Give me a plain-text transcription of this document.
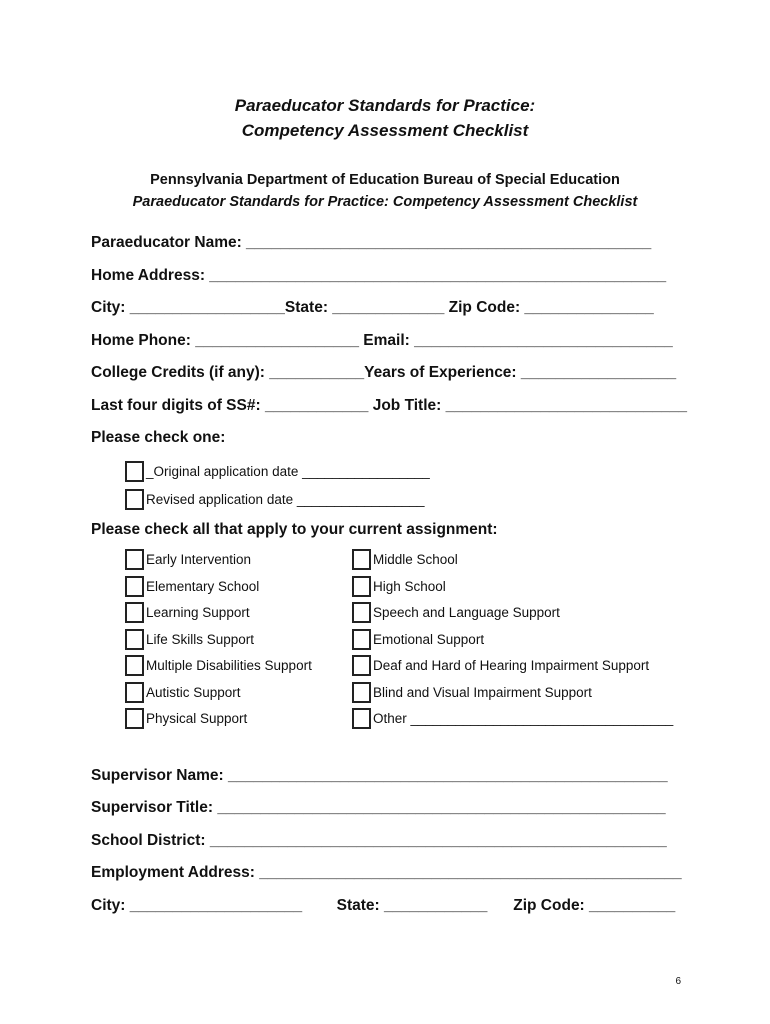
Paraeducator Standards for Practice:
Competency Assessment Checklist
Pennsylvania Department of Education Bureau of Special Education
Paraeducator Standards for Practice: Competency Assessment Checklist
Paraeducator Name: _______________________________________________
Home Address: _____________________________________________________
City: __________________State: _____________ Zip Code: _______________
Home Phone: ___________________ Email: ______________________________
College Credits (if any): ___________Years of Experience: __________________
Last four digits of SS#: ____________ Job Title: ____________________________
Please check one:
_Original application date _________________
Revised application date _________________
Please check all that apply to your current assignment:
Early Intervention
Elementary School
Learning Support
Life Skills Support
Multiple Disabilities Support
Autistic Support
Physical Support
Middle School
High School
Speech and Language Support
Emotional Support
Deaf and Hard of Hearing Impairment Support
Blind and Visual Impairment Support
Other ___________________________________
Supervisor Name: ___________________________________________________
Supervisor Title: ____________________________________________________
School District: _____________________________________________________
Employment Address: _________________________________________________
City: ____________________        State: ____________      Zip Code: __________
6
